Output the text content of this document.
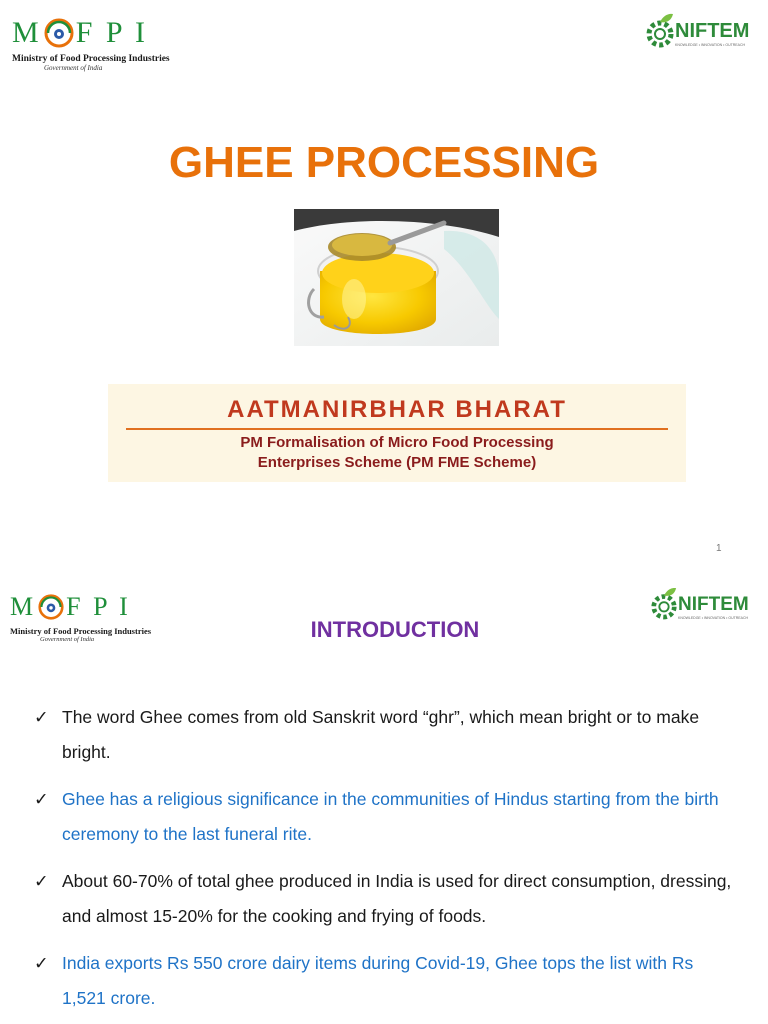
M F P I
Ministry of Food Processing Industries
Government of India
NIFTEM
KNOWLEDGE • INNOVATION • OUTREACH
GHEE PROCESSING
AATMANIRBHAR BHARAT
PM Formalisation of Micro Food Processing
Enterprises Scheme (PM FME Scheme)
1
M F P I
Ministry of Food Processing Industries
Government of India
NIFTEM
KNOWLEDGE • INNOVATION • OUTREACH
INTRODUCTION
✓ The word Ghee comes from old Sanskrit word “ghr”, which mean bright or to make bright.
✓ Ghee has a religious significance in the communities of Hindus starting from the birth ceremony to the last funeral rite.
✓ About 60-70% of total ghee produced in India is used for direct consumption, dressing, and almost 15-20% for the cooking and frying of foods.
✓ India exports Rs 550 crore dairy items during Covid-19, Ghee tops the list with Rs 1,521 crore.
